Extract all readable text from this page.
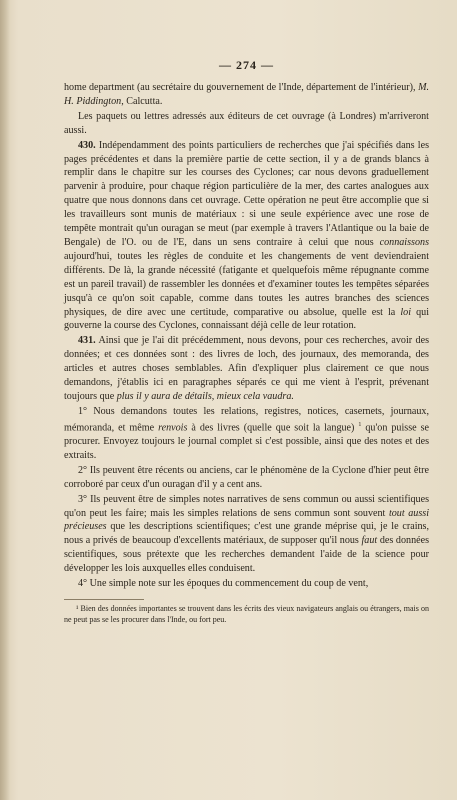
— 274 —

home department (au secrétaire du gouvernement de l'Inde, département de l'intérieur), M. H. Piddington, Calcutta.

Les paquets ou lettres adressés aux éditeurs de cet ouvrage (à Londres) m'arriveront aussi.

430. Indépendamment des points particuliers de recherches que j'ai spécifiés dans les pages précédentes et dans la première partie de cette section, il y a de grands blancs à remplir dans le chapitre sur les courses des Cyclones; car nous devons graduellement parvenir à produire, pour chaque région particulière de la mer, des cartes analogues aux quatre que nous donnons dans cet ouvrage. Cette opération ne peut être accomplie que si les travailleurs sont munis de matériaux : si une seule expérience avec une rose de tempête montrait qu'un ouragan se meut (par exemple à travers l'Atlantique ou la baie de Bengale) de l'O. ou de l'E, dans un sens contraire à celui que nous connaissons aujourd'hui, toutes les règles de conduite et les changements de vent deviendraient différents. De là, la grande nécessité (fatigante et quelquefois même répugnante comme est un pareil travail) de rassembler les données et d'examiner toutes les tempêtes séparées jusqu'à ce qu'on soit capable, comme dans toutes les autres branches des sciences physiques, de dire avec une certitude, comparative ou absolue, quelle est la loi qui gouverne la course des Cyclones, connaissant déjà celle de leur rotation.

431. Ainsi que je l'ai dit précédemment, nous devons, pour ces recherches, avoir des données; et ces données sont : des livres de loch, des journaux, des memoranda, des articles et autres choses semblables. Afin d'expliquer plus clairement ce que nous demandons, j'établis ici en paragraphes séparés ce qui me vient à l'esprit, prévenant toujours que plus il y aura de détails, mieux cela vaudra.

1° Nous demandons toutes les relations, registres, notices, casernets, journaux, mémoranda, et même renvois à des livres (quelle que soit la langue) $^1$ qu'on puisse se procurer. Envoyez toujours le journal complet si c'est possible, ainsi que des notes et des extraits.

2° Ils peuvent être récents ou anciens, car le phénomène de la Cyclone d'hier peut être corroboré par ceux d'un ouragan d'il y a cent ans.

3° Ils peuvent être de simples notes narratives de sens commun ou aussi scientifiques qu'on peut les faire; mais les simples relations de sens commun sont souvent tout aussi précieuses que les descriptions scientifiques; c'est une grande méprise qui, je le crains, nous a privés de beaucoup d'excellents matériaux, de supposer qu'il nous faut des données scientifiques, sous prétexte que les recherches demandent l'aide de la science pour développer les lois auxquelles elles conduisent.

4° Une simple note sur les époques du commencement du coup de vent,

¹ Bien des données importantes se trouvent dans les écrits des vieux navigateurs anglais ou étrangers, mais on ne peut pas se les procurer dans l'Inde, ou fort peu.
